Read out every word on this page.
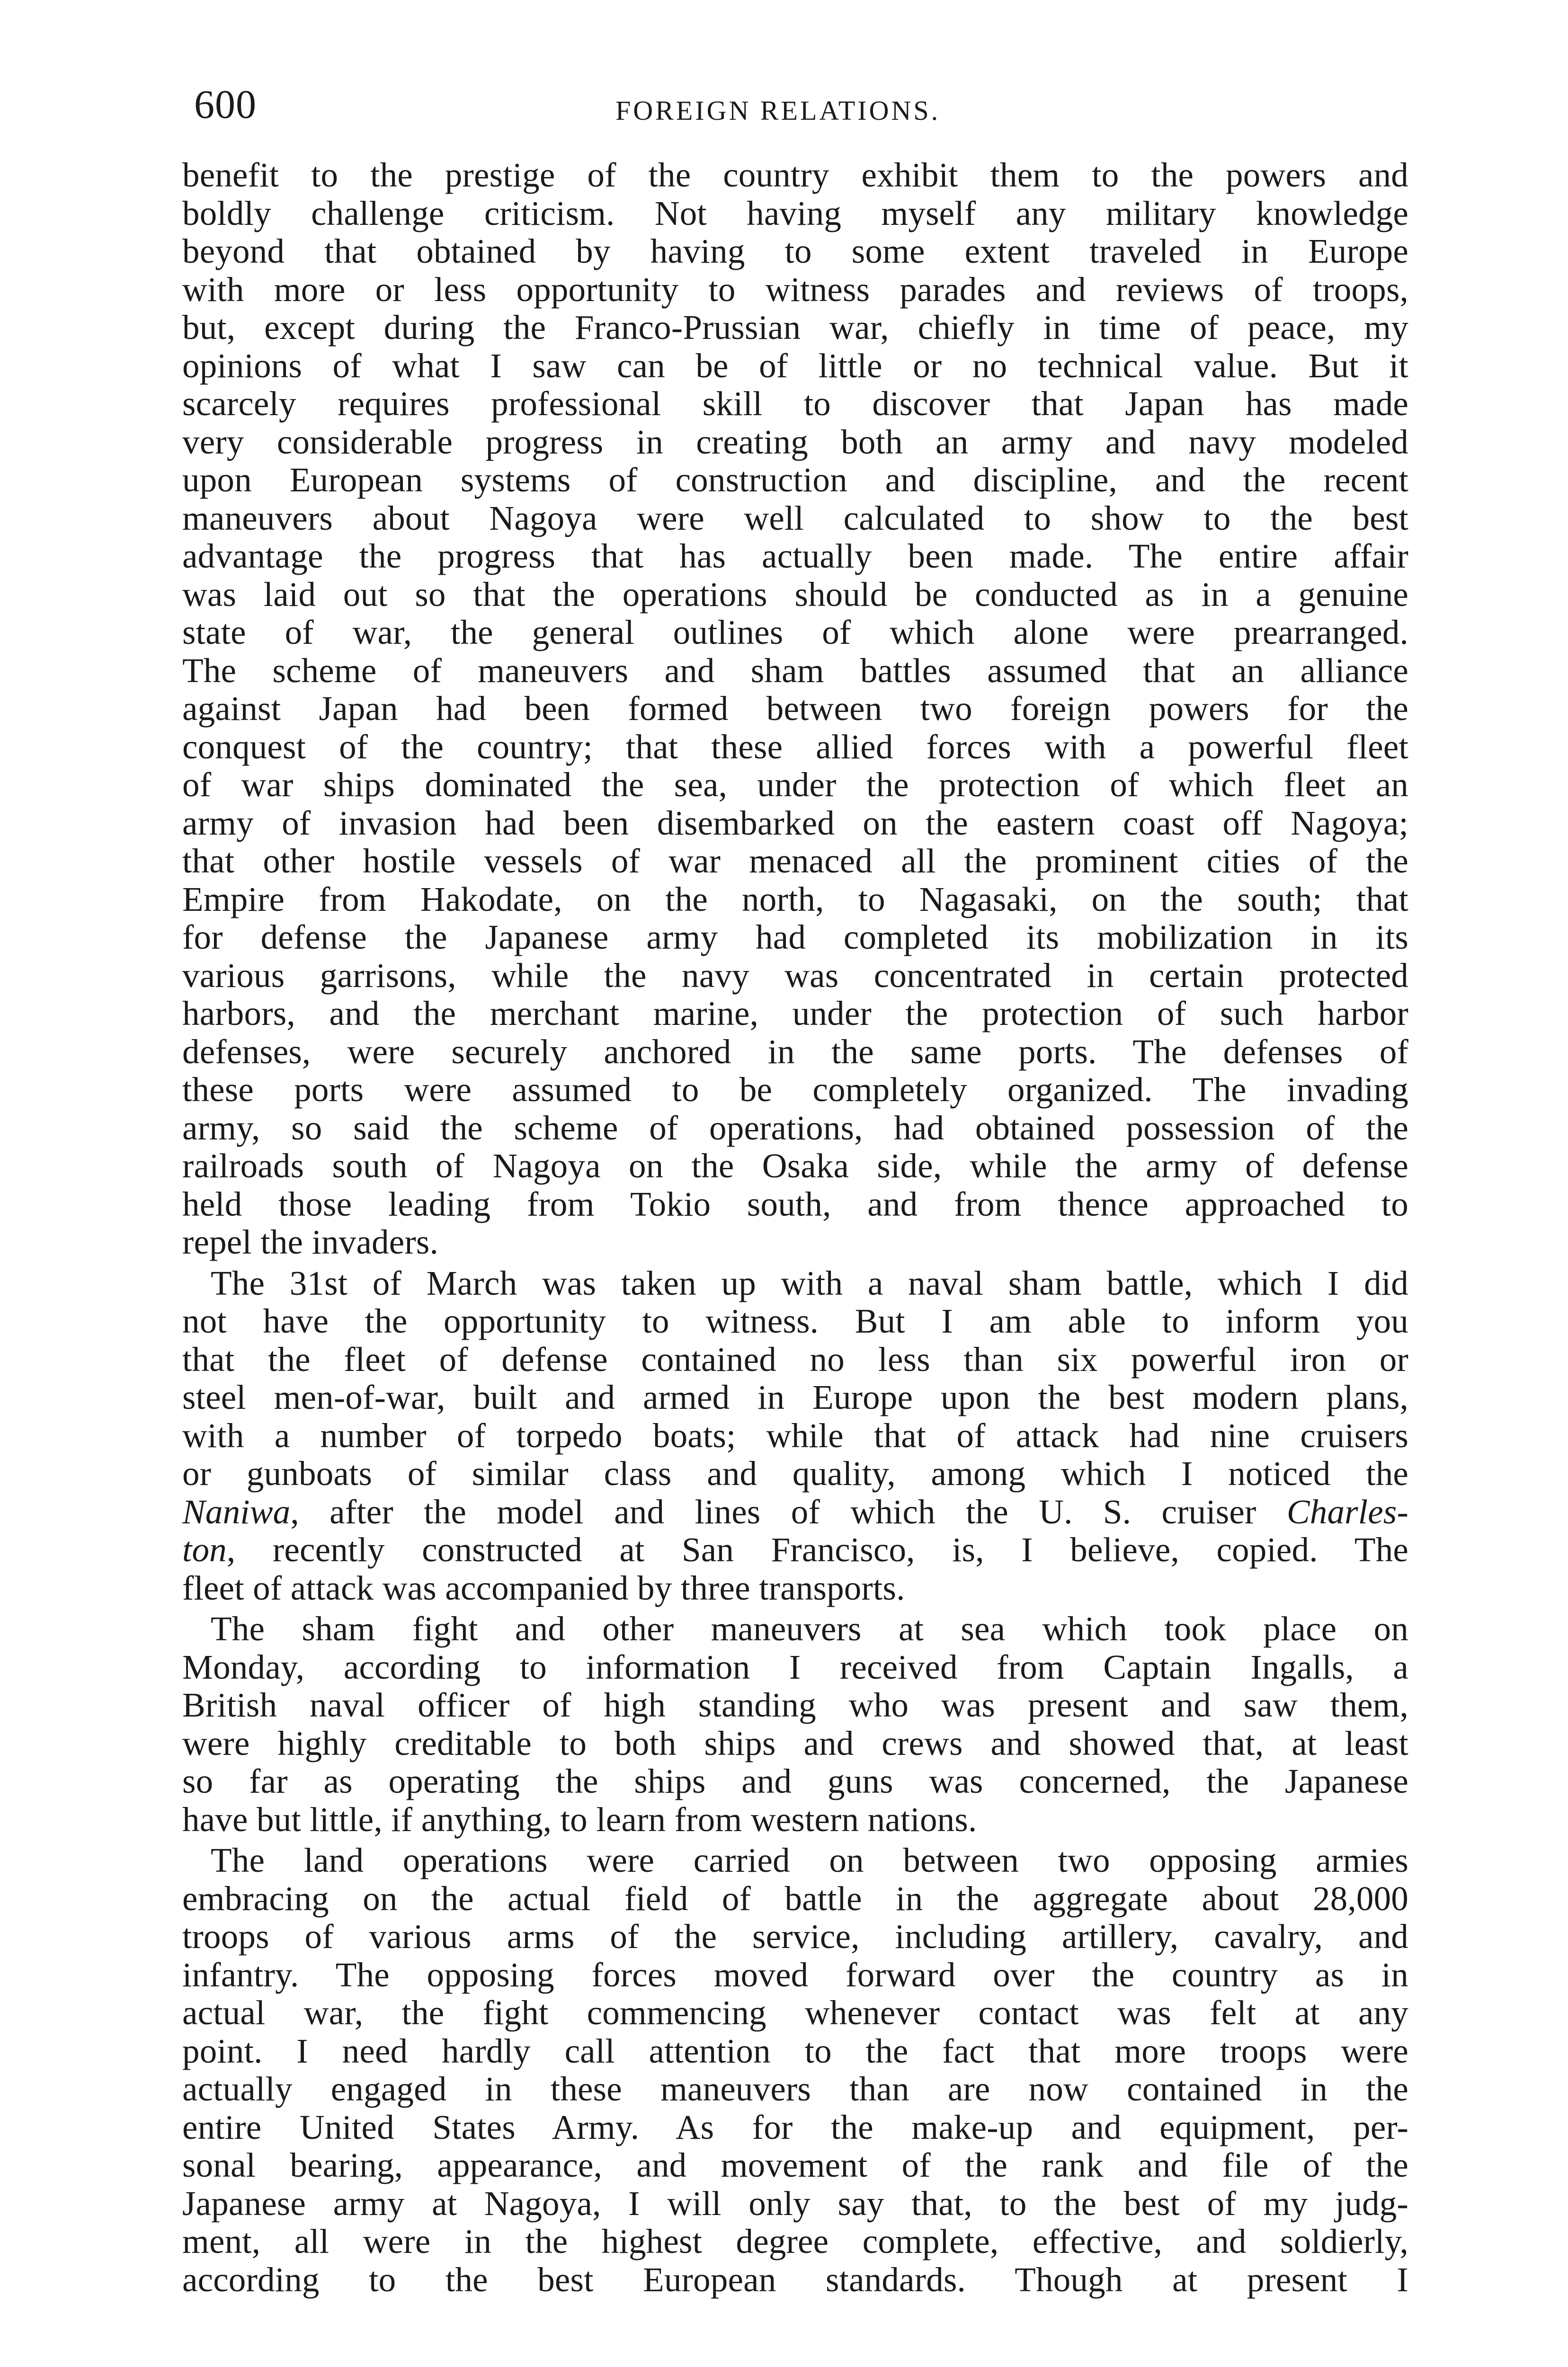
600	FOREIGN RELATIONS.
benefit to the prestige of the country exhibit them to the powers and
boldly challenge criticism. Not having myself any military knowledge
beyond that obtained by having to some extent traveled in Europe
with more or less opportunity to witness parades and reviews of troops,
but, except during the Franco-Prussian war, chiefly in time of peace, my
opinions of what I saw can be of little or no technical value. But it
scarcely requires professional skill to discover that Japan has made
very considerable progress in creating both an army and navy modeled
upon European systems of construction and discipline, and the recent
maneuvers about Nagoya were well calculated to show to the best
advantage the progress that has actually been made. The entire affair
was laid out so that the operations should be conducted as in a genuine
state of war, the general outlines of which alone were prearranged.
The scheme of maneuvers and sham battles assumed that an alliance
against Japan had been formed between two foreign powers for the
conquest of the country; that these allied forces with a powerful fleet
of war ships dominated the sea, under the protection of which fleet an
army of invasion had been disembarked on the eastern coast off Nagoya;
that other hostile vessels of war menaced all the prominent cities of the
Empire from Hakodate, on the north, to Nagasaki, on the south; that
for defense the Japanese army had completed its mobilization in its
various garrisons, while the navy was concentrated in certain protected
harbors, and the merchant marine, under the protection of such harbor
defenses, were securely anchored in the same ports. The defenses of
these ports were assumed to be completely organized. The invading
army, so said the scheme of operations, had obtained possession of the
railroads south of Nagoya on the Osaka side, while the army of defense
held those leading from Tokio south, and from thence approached to
repel the invaders.
The 31st of March was taken up with a naval sham battle, which I did
not have the opportunity to witness. But I am able to inform you
that the fleet of defense contained no less than six powerful iron or
steel men-of-war, built and armed in Europe upon the best modern plans,
with a number of torpedo boats; while that of attack had nine cruisers
or gunboats of similar class and quality, among which I noticed the
Naniwa, after the model and lines of which the U. S. cruiser Charles-
ton, recently constructed at San Francisco, is, I believe, copied. The
fleet of attack was accompanied by three transports.
The sham fight and other maneuvers at sea which took place on
Monday, according to information I received from Captain Ingalls, a
British naval officer of high standing who was present and saw them,
were highly creditable to both ships and crews and showed that, at least
so far as operating the ships and guns was concerned, the Japanese
have but little, if anything, to learn from western nations.
The land operations were carried on between two opposing armies
embracing on the actual field of battle in the aggregate about 28,000
troops of various arms of the service, including artillery, cavalry, and
infantry. The opposing forces moved forward over the country as in
actual war, the fight commencing whenever contact was felt at any
point. I need hardly call attention to the fact that more troops were
actually engaged in these maneuvers than are now contained in the
entire United States Army. As for the make-up and equipment, per-
sonal bearing, appearance, and movement of the rank and file of the
Japanese army at Nagoya, I will only say that, to the best of my judg-
ment, all were in the highest degree complete, effective, and soldierly,
according to the best European standards. Though at present I
